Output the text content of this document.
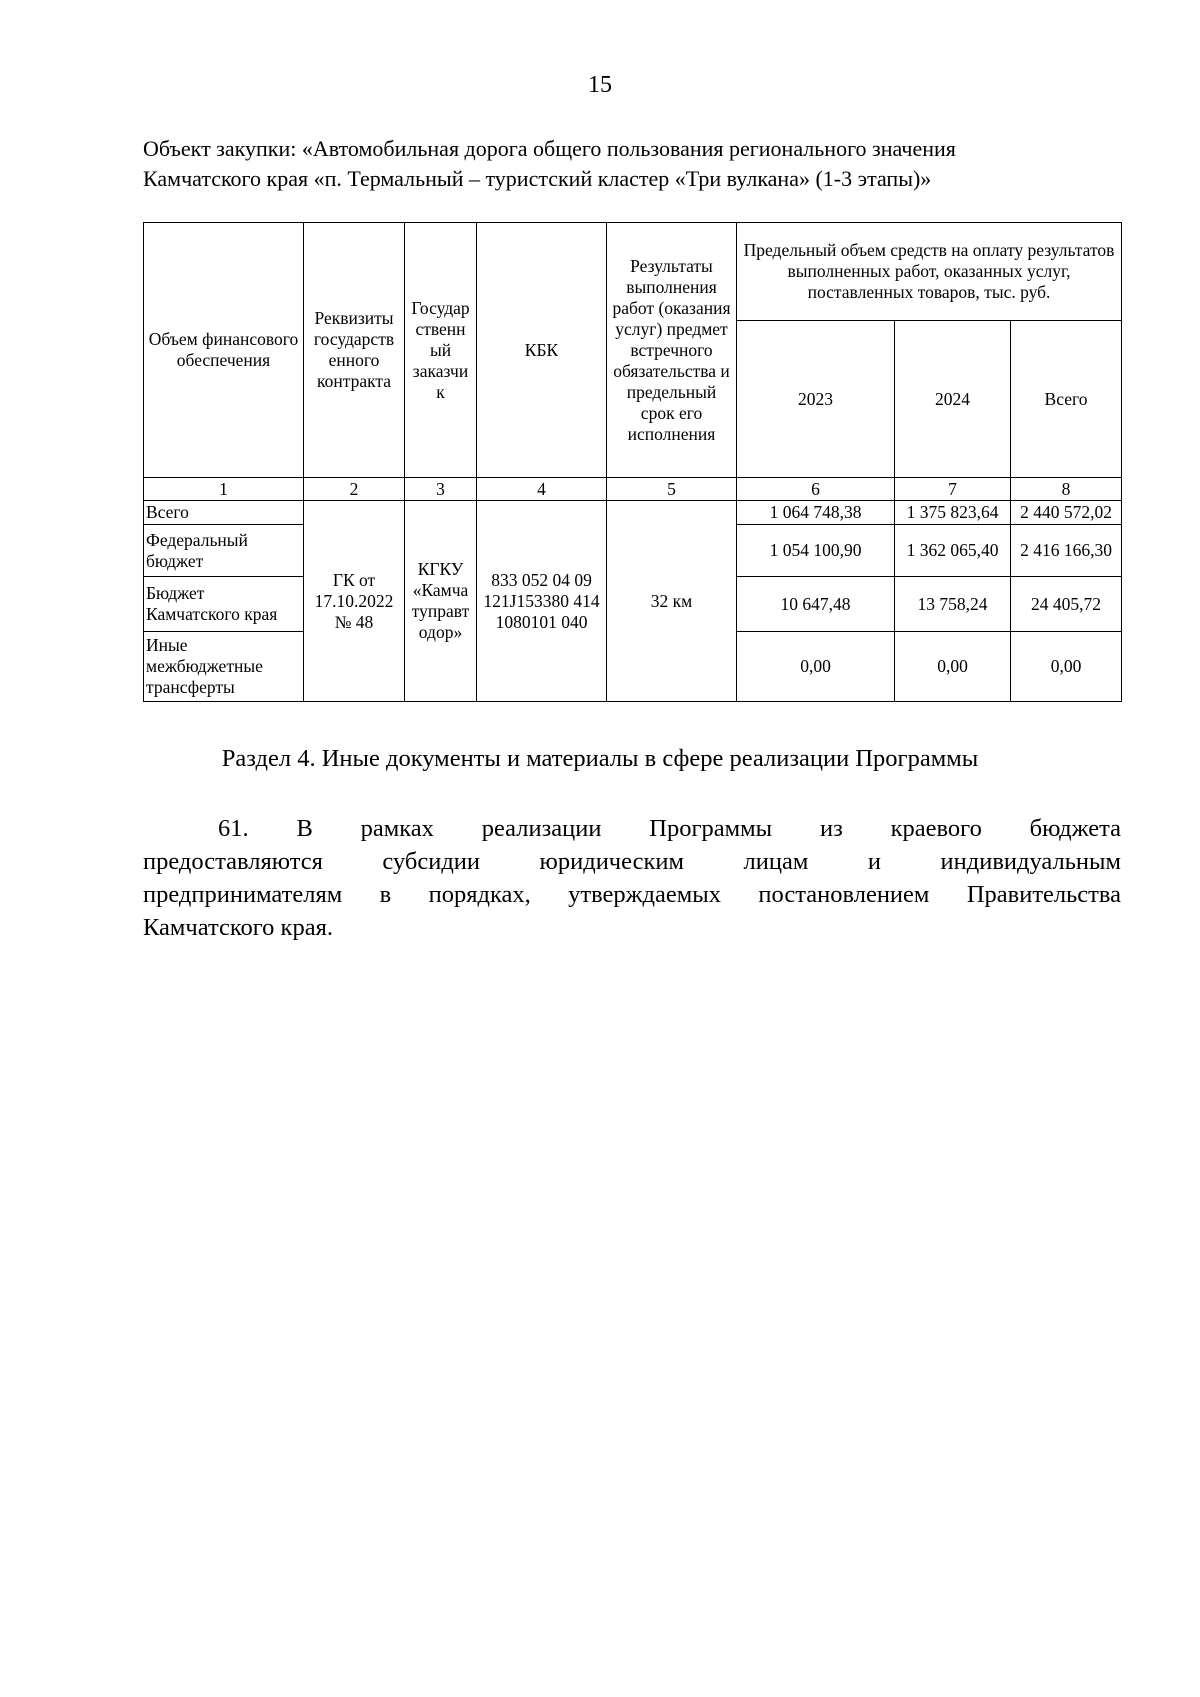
15
Объект закупки: «Автомобильная дорога общего пользования регионального значения
Камчатского края «п. Термальный – туристский кластер «Три вулкана» (1-3 этапы)»
Объем финансового обеспечения	Реквизиты государств енного контракта	Государ ственн ый заказчи к	КБК	Результаты выполнения работ (оказания услуг) предмет встречного обязательства и предельный срок его исполнения	Предельный объем средств на оплату результатов выполненных работ, оказанных услуг, поставленных товаров, тыс. руб.		
					2023	2024	Всего
1	2	3	4	5	6	7	8
Всего	ГК от 17.10.2022 № 48	КГКУ «Камча туправт одор»	833 052 04 09 121J153380 414 1080101 040	32 км	1 064 748,38	1 375 823,64	2 440 572,02
Федеральный бюджет					1 054 100,90	1 362 065,40	2 416 166,30
Бюджет Камчатского края					10 647,48	13 758,24	24 405,72
Иные межбюджетные трансферты					0,00	0,00	0,00
Раздел 4. Иные документы и материалы в сфере реализации Программы
61. В рамках реализации Программы из краевого бюджета
предоставляются субсидии юридическим лицам и индивидуальным
предпринимателям в порядках, утверждаемых постановлением Правительства
Камчатского края.
